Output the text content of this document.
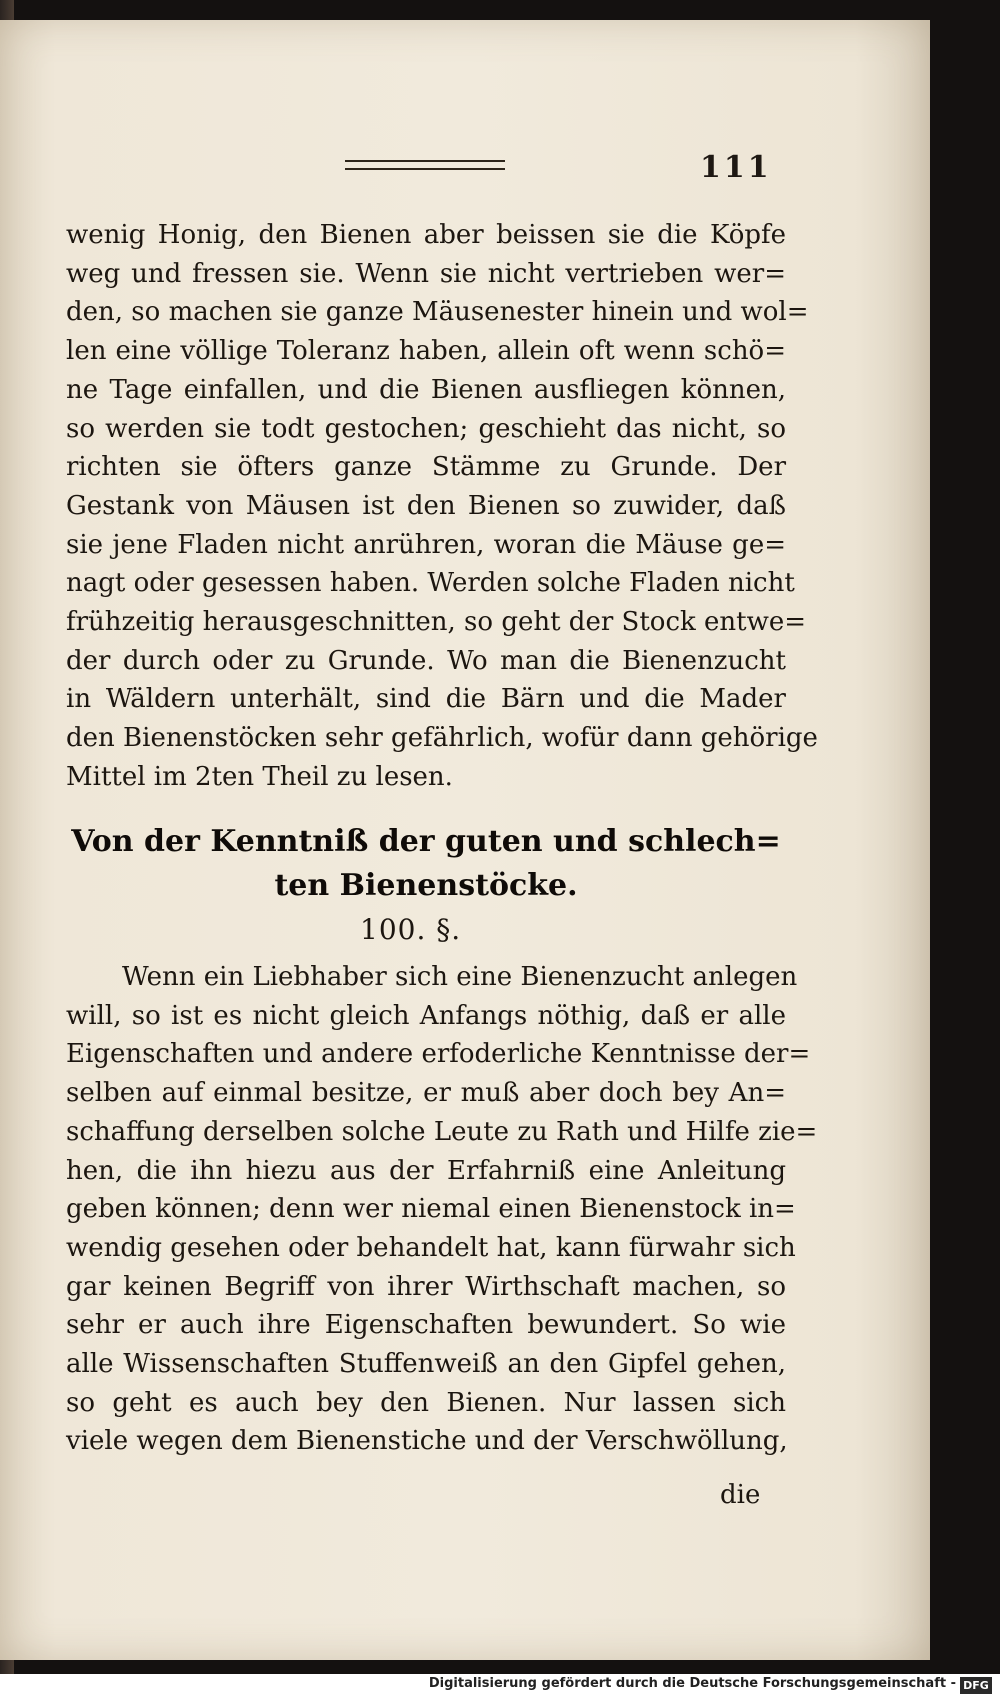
111
wenig Honig, den Bienen aber beissen sie die Köpfe
weg und fressen sie. Wenn sie nicht vertrieben wer=
den, so machen sie ganze Mäusenester hinein und wol=
len eine völlige Toleranz haben, allein oft wenn schö=
ne Tage einfallen, und die Bienen ausfliegen können,
so werden sie todt gestochen; geschieht das nicht, so
richten sie öfters ganze Stämme zu Grunde. Der
Gestank von Mäusen ist den Bienen so zuwider, daß
sie jene Fladen nicht anrühren, woran die Mäuse ge=
nagt oder gesessen haben. Werden solche Fladen nicht
frühzeitig herausgeschnitten, so geht der Stock entwe=
der durch oder zu Grunde. Wo man die Bienenzucht
in Wäldern unterhält, sind die Bärn und die Mader
den Bienenstöcken sehr gefährlich, wofür dann gehörige
Mittel im 2ten Theil zu lesen.
Von der Kenntniß der guten und schlech=
ten Bienenstöcke.
100. §.
Wenn ein Liebhaber sich eine Bienenzucht anlegen
will, so ist es nicht gleich Anfangs nöthig, daß er alle
Eigenschaften und andere erfoderliche Kenntnisse der=
selben auf einmal besitze, er muß aber doch bey An=
schaffung derselben solche Leute zu Rath und Hilfe zie=
hen, die ihn hiezu aus der Erfahrniß eine Anleitung
geben können; denn wer niemal einen Bienenstock in=
wendig gesehen oder behandelt hat, kann fürwahr sich
gar keinen Begriff von ihrer Wirthschaft machen, so
sehr er auch ihre Eigenschaften bewundert. So wie
alle Wissenschaften Stuffenweiß an den Gipfel gehen,
so geht es auch bey den Bienen. Nur lassen sich
viele wegen dem Bienenstiche und der Verschwöllung,
die
Digitalisierung gefördert durch die Deutsche Forschungsgemeinschaft - DFG
